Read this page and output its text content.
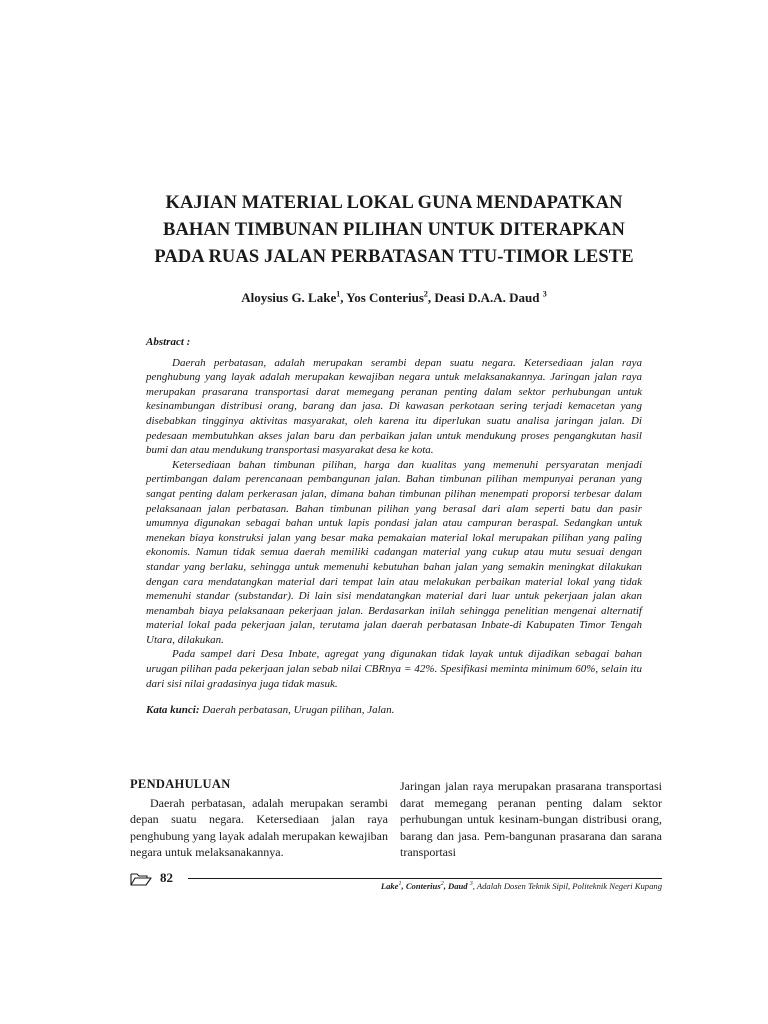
KAJIAN MATERIAL LOKAL GUNA MENDAPATKAN
BAHAN TIMBUNAN PILIHAN UNTUK DITERAPKAN
PADA RUAS JALAN PERBATASAN TTU-TIMOR LESTE
Aloysius G. Lake$^1$, Yos Conterius$^2$, Deasi D.A.A. Daud $^3$
Abstract :

Daerah perbatasan, adalah merupakan serambi depan suatu negara. Ketersediaan jalan raya penghubung yang layak adalah merupakan kewajiban negara untuk melaksanakannya. Jaringan jalan raya merupakan prasarana transportasi darat memegang peranan penting dalam sektor perhubungan untuk kesinambungan distribusi orang, barang dan jasa. Di kawasan perkotaan sering terjadi kemacetan yang disebabkan tingginya aktivitas masyarakat, oleh karena itu diperlukan suatu analisa jaringan jalan. Di pedesaan membutuhkan akses jalan baru dan perbaikan jalan untuk mendukung proses pengangkutan hasil bumi dan atau mendukung transportasi masyarakat desa ke kota.

Ketersediaan bahan timbunan pilihan, harga dan kualitas yang memenuhi persyaratan menjadi pertimbangan dalam perencanaan pembangunan jalan. Bahan timbunan pilihan mempunyai peranan yang sangat penting dalam perkerasan jalan, dimana bahan timbunan pilihan menempati proporsi terbesar dalam pelaksanaan jalan perbatasan. Bahan timbunan pilihan yang berasal dari alam seperti batu dan pasir umumnya digunakan sebagai bahan untuk lapis pondasi jalan atau campuran beraspal. Sedangkan untuk menekan biaya konstruksi jalan yang besar maka pemakaian material lokal merupakan pilihan yang paling ekonomis. Namun tidak semua daerah memiliki cadangan material yang cukup atau mutu sesuai dengan standar yang berlaku, sehingga untuk memenuhi kebutuhan bahan jalan yang semakin meningkat dilakukan dengan cara mendatangkan material dari tempat lain atau melakukan perbaikan material lokal yang tidak memenuhi standar (substandar). Di lain sisi mendatangkan material dari luar untuk pekerjaan jalan akan menambah biaya pelaksanaan pekerjaan jalan. Berdasarkan inilah sehingga penelitian mengenai alternatif material lokal pada pekerjaan jalan, terutama jalan daerah perbatasan Inbate-di Kabupaten Timor Tengah Utara, dilakukan.

Pada sampel dari Desa Inbate, agregat yang digunakan tidak layak untuk dijadikan sebagai bahan urugan pilihan pada pekerjaan jalan sebab nilai CBRnya = 42%. Spesifikasi meminta minimum 60%, selain itu dari sisi nilai gradasinya juga tidak masuk.

Kata kunci: Daerah perbatasan, Urugan pilihan, Jalan.

PENDAHULUAN

Daerah perbatasan, adalah merupakan serambi depan suatu negara. Ketersediaan jalan raya penghubung yang layak adalah merupakan kewajiban negara untuk melaksanakannya.

Jaringan jalan raya merupakan prasarana transportasi darat memegang peranan penting dalam sektor perhubungan untuk kesinam-bungan distribusi orang, barang dan jasa. Pem-bangunan prasarana dan sarana transportasi

82
Lake$^1$, Conterius$^2$, Daud $^3$, Adalah Dosen Teknik Sipil, Politeknik Negeri Kupang
